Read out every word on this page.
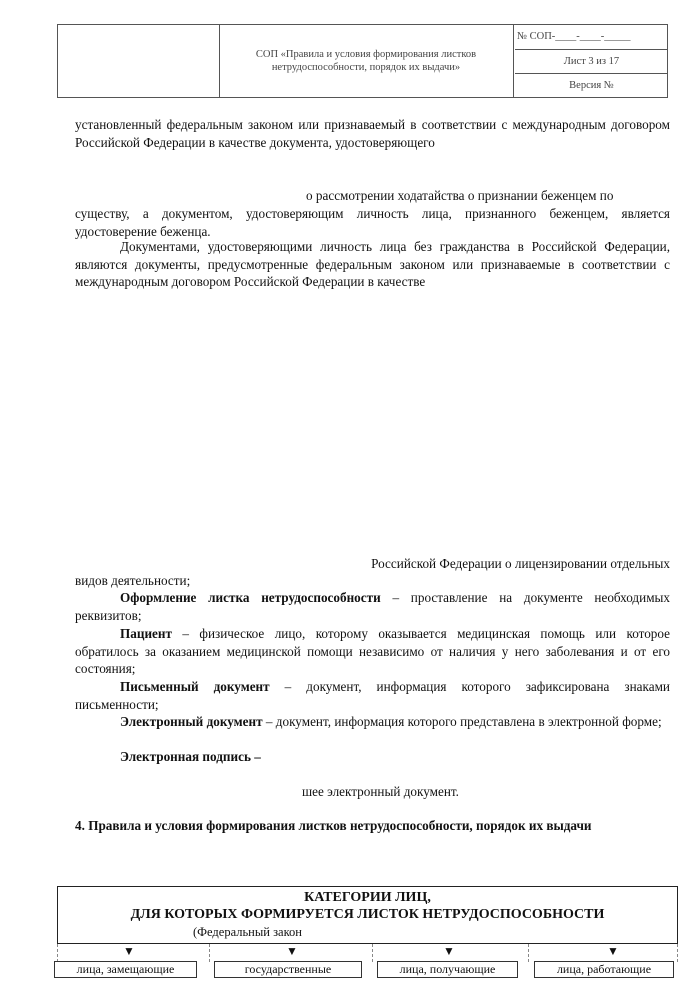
СОП «Правила и условия формирования листков нетрудоспособности, порядок их выдачи»
№ СОП-____-____-_____
Лист 3 из 17
Версия №
установленный федеральным законом или признаваемый в соответствии с международным договором Российской Федерации в качестве документа, удостоверяющего
о рассмотрении ходатайства о признании беженцем по
существу, а документом, удостоверяющим личность лица, признанного беженцем, является удостоверение беженца.
Документами, удостоверяющими личность лица без гражданства в Российской Федерации, являются документы, предусмотренные федеральным законом или признаваемые в соответствии с международным договором Российской Федерации в качестве
Российской Федерации о лицензировании отдельных
видов деятельности;
Оформление листка нетрудоспособности – проставление на документе необходимых реквизитов;
Пациент – физическое лицо, которому оказывается медицинская помощь или которое обратилось за оказанием медицинской помощи независимо от наличия у него заболевания и от его состояния;
Письменный документ – документ, информация которого зафиксирована знаками письменности;
Электронный документ – документ, информация которого представлена в электронной форме;
Электронная подпись –
шее электронный документ.
4. Правила и условия формирования листков нетрудоспособности, порядок их выдачи
КАТЕГОРИИ ЛИЦ,
ДЛЯ КОТОРЫХ ФОРМИРУЕТСЯ ЛИСТОК НЕТРУДОСПОСОБНОСТИ
(Федеральный закон
▼	▼	▼	▼
лица, замещающие	государственные	лица, получающие	лица, работающие
